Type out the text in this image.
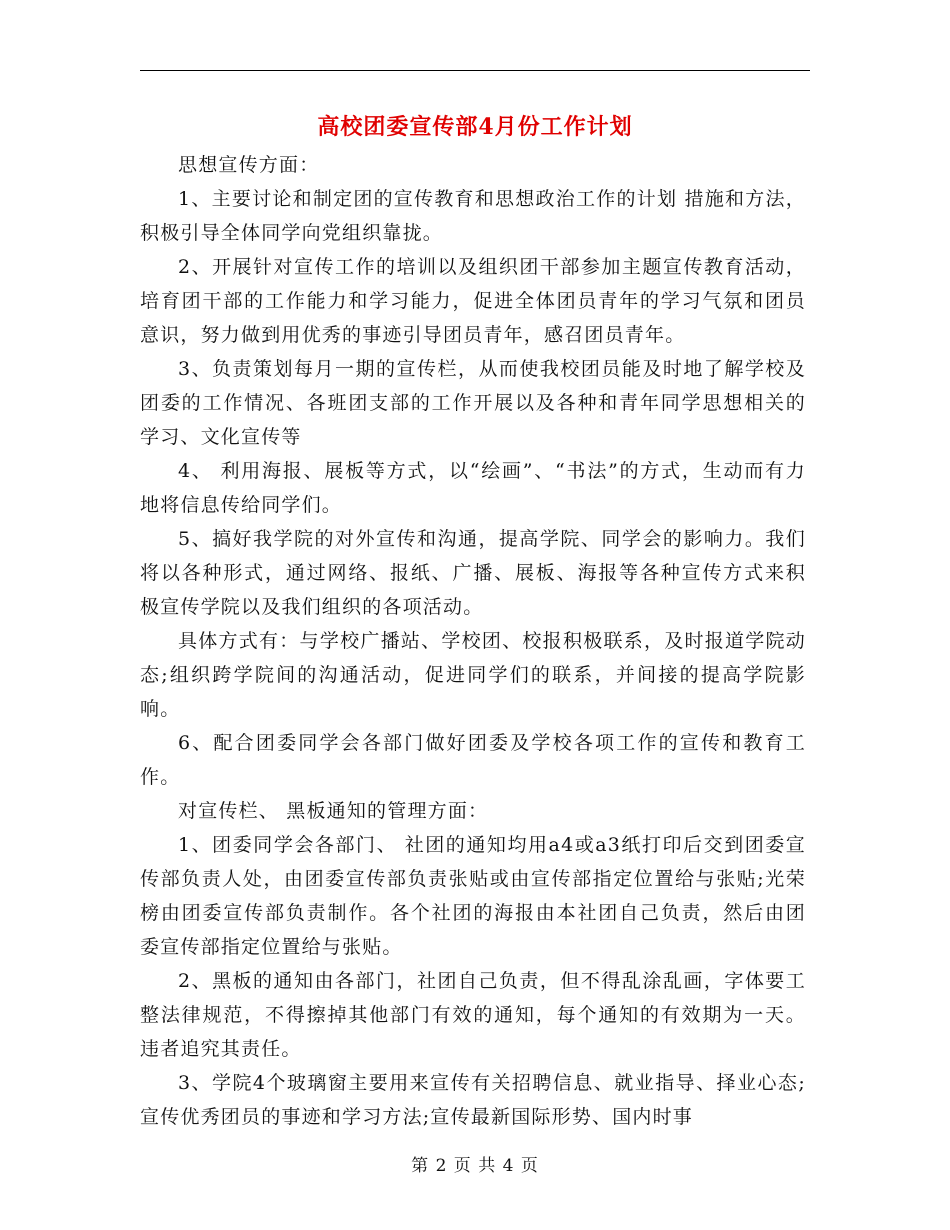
高校团委宣传部4月份工作计划

思想宣传方面：

1、主要讨论和制定团的宣传教育和思想政治工作的计划 措施和方法，积极引导全体同学向党组织靠拢。

2、开展针对宣传工作的培训以及组织团干部参加主题宣传教育活动，培育团干部的工作能力和学习能力，促进全体团员青年的学习气氛和团员意识，努力做到用优秀的事迹引导团员青年，感召团员青年。

3、负责策划每月一期的宣传栏，从而使我校团员能及时地了解学校及团委的工作情况、各班团支部的工作开展以及各种和青年同学思想相关的学习、文化宣传等

4、 利用海报、展板等方式，以“绘画”、“书法”的方式，生动而有力地将信息传给同学们。

5、搞好我学院的对外宣传和沟通，提高学院、同学会的影响力。我们将以各种形式，通过网络、报纸、广播、展板、海报等各种宣传方式来积极宣传学院以及我们组织的各项活动。

具体方式有：与学校广播站、学校团、校报积极联系，及时报道学院动态;组织跨学院间的沟通活动，促进同学们的联系，并间接的提高学院影响。

6、配合团委同学会各部门做好团委及学校各项工作的宣传和教育工作。

对宣传栏、 黑板通知的管理方面：

1、团委同学会各部门、 社团的通知均用a4或a3纸打印后交到团委宣传部负责人处，由团委宣传部负责张贴或由宣传部指定位置给与张贴;光荣榜由团委宣传部负责制作。各个社团的海报由本社团自己负责，然后由团委宣传部指定位置给与张贴。

2、黑板的通知由各部门，社团自己负责，但不得乱涂乱画，字体要工整法律规范，不得擦掉其他部门有效的通知，每个通知的有效期为一天。违者追究其责任。

3、学院4个玻璃窗主要用来宣传有关招聘信息、就业指导、择业心态;宣传优秀团员的事迹和学习方法;宣传最新国际形势、国内时事

第 2 页 共 4 页
